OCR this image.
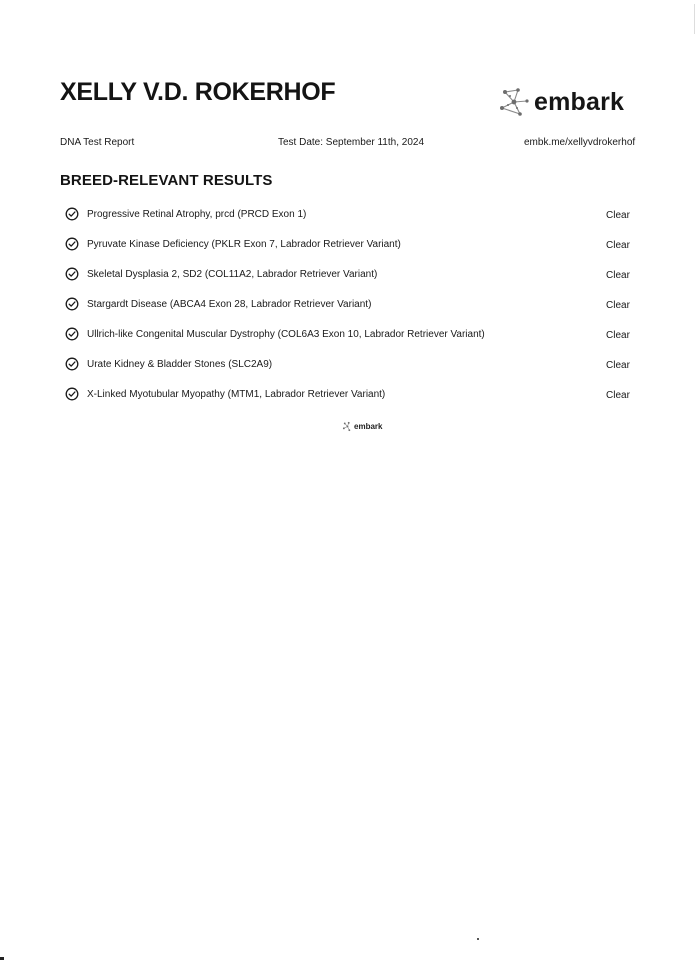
XELLY V.D. ROKERHOF	embark
DNA Test Report	Test Date: September 11th, 2024	embk.me/xellyvdrokerhof
BREED-RELEVANT RESULTS
Progressive Retinal Atrophy, prcd (PRCD Exon 1)	Clear
Pyruvate Kinase Deficiency (PKLR Exon 7, Labrador Retriever Variant)	Clear
Skeletal Dysplasia 2, SD2 (COL11A2, Labrador Retriever Variant)	Clear
Stargardt Disease (ABCA4 Exon 28, Labrador Retriever Variant)	Clear
Ullrich-like Congenital Muscular Dystrophy (COL6A3 Exon 10, Labrador Retriever Variant)	Clear
Urate Kidney & Bladder Stones (SLC2A9)	Clear
X-Linked Myotubular Myopathy (MTM1, Labrador Retriever Variant)	Clear
embark
